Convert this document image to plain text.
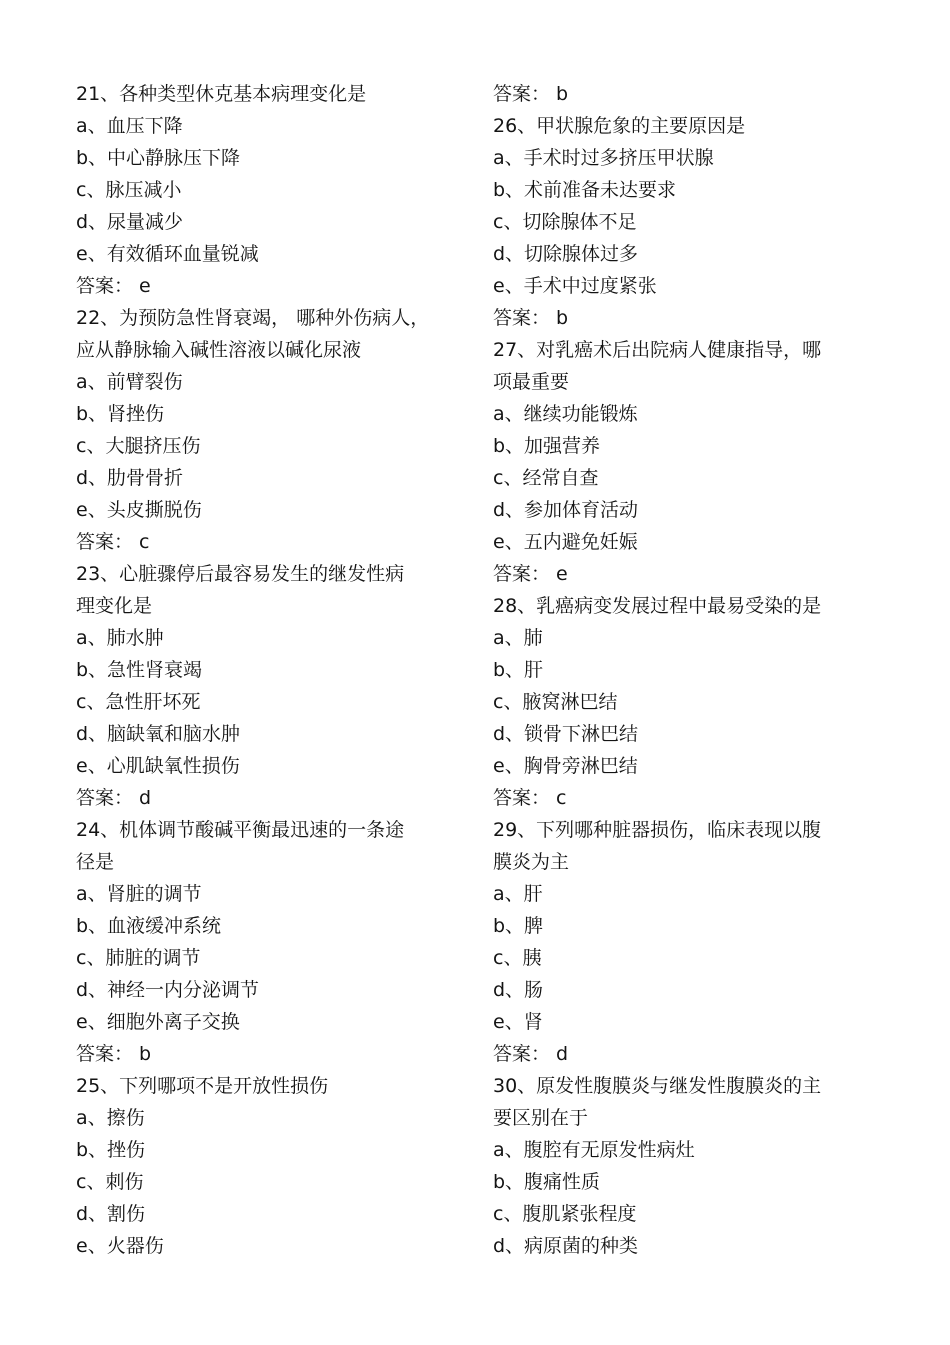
21、各种类型休克基本病理变化是
a、血压下降
b、中心静脉压下降
c、脉压减小
d、尿量减少
e、有效循环血量锐减
答案： e
22、为预防急性肾衰竭， 哪种外伤病人，
应从静脉输入碱性溶液以碱化尿液
a、前臂裂伤
b、肾挫伤
c、大腿挤压伤
d、肋骨骨折
e、头皮撕脱伤
答案： c
23、心脏骤停后最容易发生的继发性病
理变化是
a、肺水肿
b、急性肾衰竭
c、急性肝坏死
d、脑缺氧和脑水肿
e、心肌缺氧性损伤
答案： d
24、机体调节酸碱平衡最迅速的一条途
径是
a、肾脏的调节
b、血液缓冲系统
c、肺脏的调节
d、神经一内分泌调节
e、细胞外离子交换
答案： b
25、下列哪项不是开放性损伤
a、擦伤
b、挫伤
c、刺伤
d、割伤
e、火器伤
答案： b
26、甲状腺危象的主要原因是
a、手术时过多挤压甲状腺
b、术前准备未达要求
c、切除腺体不足
d、切除腺体过多
e、手术中过度紧张
答案： b
27、对乳癌术后出院病人健康指导，哪
项最重要
a、继续功能锻炼
b、加强营养
c、经常自查
d、参加体育活动
e、五内避免妊娠
答案： e
28、乳癌病变发展过程中最易受染的是
a、肺
b、肝
c、腋窝淋巴结
d、锁骨下淋巴结
e、胸骨旁淋巴结
答案： c
29、下列哪种脏器损伤，临床表现以腹
膜炎为主
a、肝
b、脾
c、胰
d、肠
e、肾
答案： d
30、原发性腹膜炎与继发性腹膜炎的主
要区别在于
a、腹腔有无原发性病灶
b、腹痛性质
c、腹肌紧张程度
d、病原菌的种类
